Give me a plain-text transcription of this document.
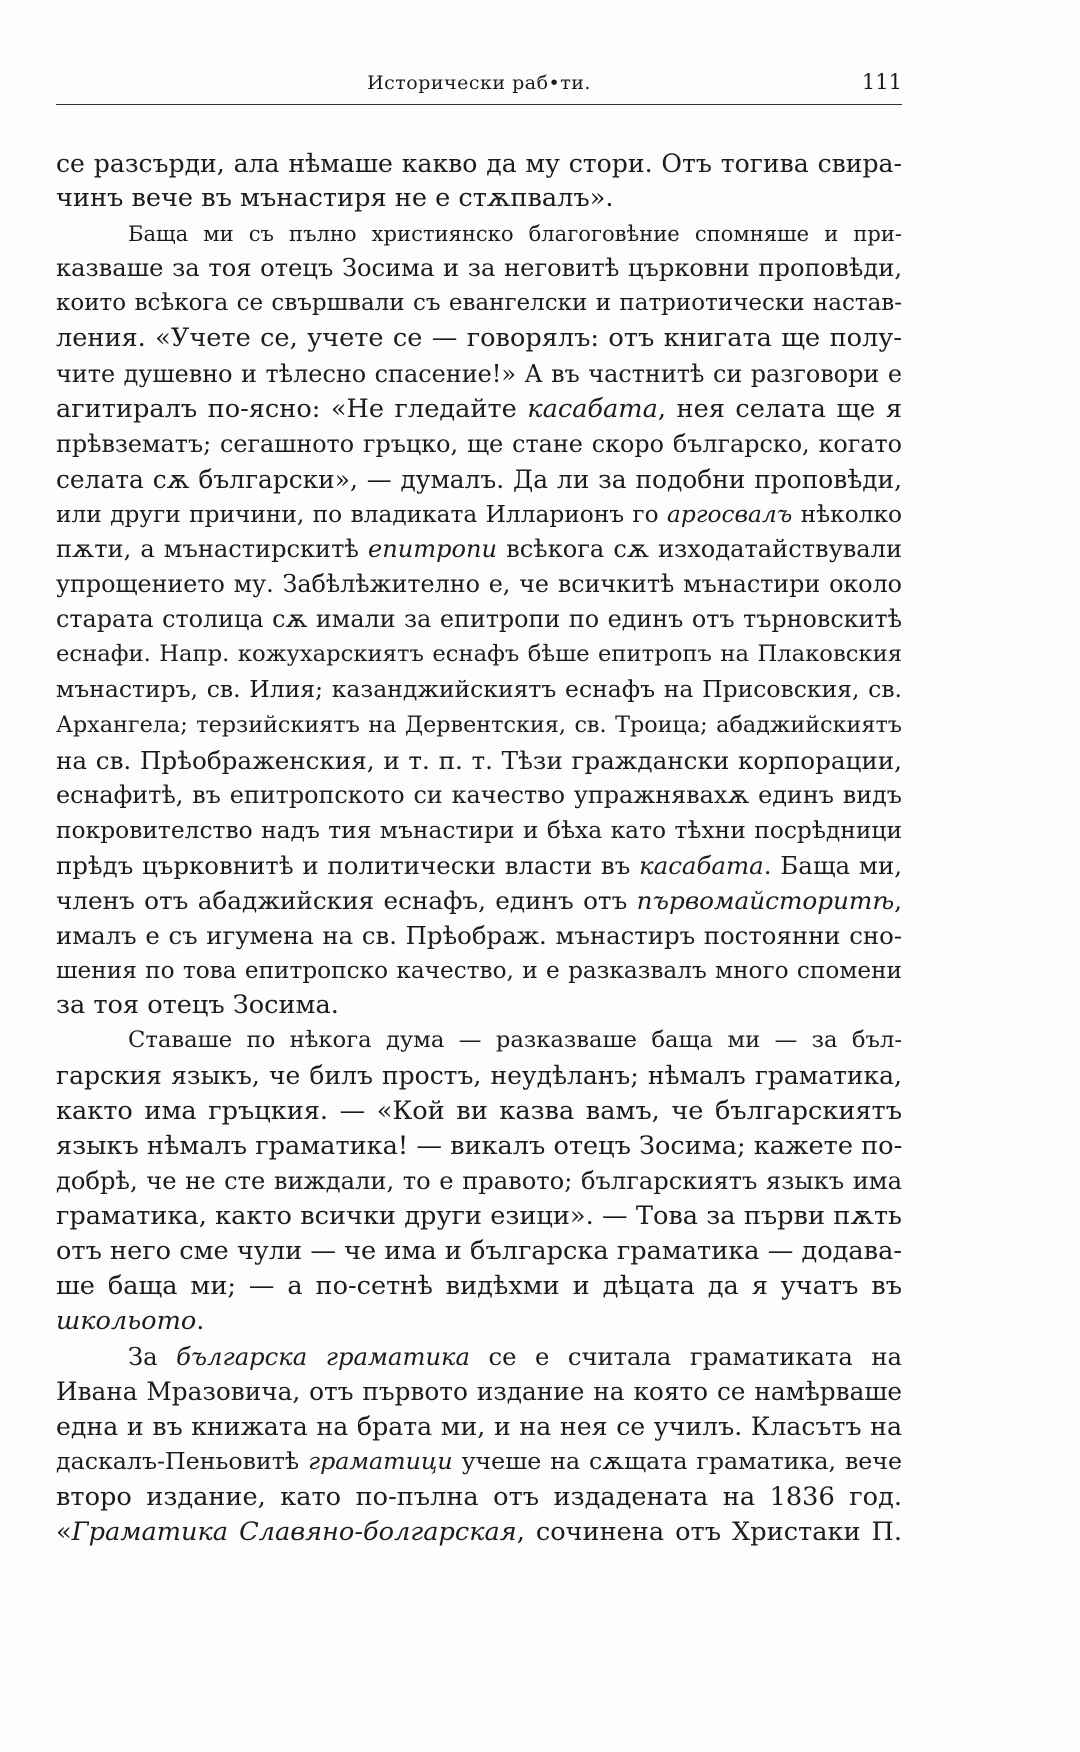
Исторически раб•ти.	111
се разсърди, ала нѣмаше какво да му стори. Отъ тогива свира-
чинъ вече въ мънастиря не е стѫпвалъ».
Баща ми съ пълно християнско благоговѣние спомняше и при-
казваше за тоя отецъ Зосима и за неговитѣ църковни проповѣди,
които всѣкога се свършвали съ евангелски и патриотически настав-
ления. «Учете се, учете се — говорялъ: отъ книгата ще полу-
чите душевно и тѣлесно спасение!» А въ частнитѣ си разговори е
агитиралъ по-ясно: «Не гледайте касабата, нея селата ще я
прѣвзематъ; сегашното гръцко, ще стане скоро българско, когато
селата сѫ български», — думалъ. Да ли за подобни проповѣди,
или други причини, по владиката Илларионъ го аргосвалъ нѣколко
пѫти, а мънастирскитѣ епитропи всѣкога сѫ изходатайствували
упрощението му. Забѣлѣжително е, че всичкитѣ мънастири около
старата столица сѫ имали за епитропи по единъ отъ търновскитѣ
еснафи. Напр. кожухарскиятъ еснафъ бѣше епитропъ на Плаковския
мънастиръ, св. Илия; казанджийскиятъ еснафъ на Присовския, св.
Архангела; терзийскиятъ на Дервентския, св. Троица; абаджийскиятъ
на св. Прѣображенския, и т. п. т. Тѣзи граждански корпорации,
еснафитѣ, въ епитропското си качество упражнявахѫ единъ видъ
покровителство надъ тия мънастири и бѣха като тѣхни посрѣдници
прѣдъ църковнитѣ и политически власти въ касабата. Баща ми,
членъ отъ абаджийския еснафъ, единъ отъ първомайсторитѣ,
ималъ е съ игумена на св. Прѣображ. мънастиръ постоянни сно-
шения по това епитропско качество, и е разказвалъ много спомени
за тоя отецъ Зосима.
Ставаше по нѣкога дума — разказваше баща ми — за бъл-
гарския языкъ, че билъ простъ, неудѣланъ; нѣмалъ граматика,
както има гръцкия. — «Кой ви казва вамъ, че българскиятъ
языкъ нѣмалъ граматика! — викалъ отецъ Зосима; кажете по-
добрѣ, че не сте виждали, то е правото; българскиятъ языкъ има
граматика, както всички други езици». — Това за първи пѫть
отъ него сме чули — че има и българска граматика — додава-
ше баща ми; — а по-сетнѣ видѣхми и дѣцата да я учатъ въ
школьото.
За българска граматика се е считала граматиката на
Ивана Мразовича, отъ първото издание на която се намѣрваше
една и въ книжата на брата ми, и на нея се училъ. Класътъ на
даскалъ-Пеньовитѣ граматици учеше на сѫщата граматика, вече
второ издание, като по-пълна отъ издадената на 1836 год.
«Граматика Славяно-болгарская, сочинена отъ Христаки П.
